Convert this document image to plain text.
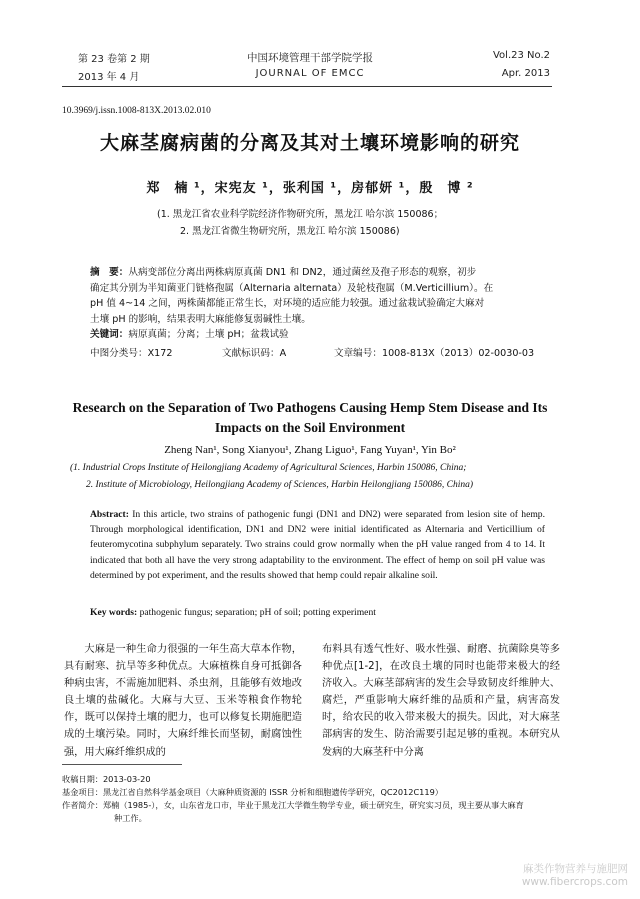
第 23 卷第 2 期
2013 年 4 月
中国环境管理干部学院学报
JOURNAL OF EMCC
Vol.23 No.2
Apr. 2013
10.3969/j.issn.1008-813X.2013.02.010
大麻茎腐病菌的分离及其对土壤环境影响的研究
郑　楠 ¹，宋宪友 ¹，张利国 ¹，房郁妍 ¹，殷　博 ²
(1. 黑龙江省农业科学院经济作物研究所，黑龙江 哈尔滨 150086；
2. 黑龙江省微生物研究所，黑龙江 哈尔滨 150086)
摘　要：从病变部位分离出两株病原真菌 DN1 和 DN2，通过菌丝及孢子形态的观察，初步
确定其分别为半知菌亚门链格孢属（Alternaria alternata）及轮枝孢属（M.Verticillium）。在
pH 值 4~14 之间，两株菌都能正常生长，对环境的适应能力较强。通过盆栽试验确定大麻对
土壤 pH 的影响，结果表明大麻能修复弱碱性土壤。
关键词：病原真菌；分离；土壤 pH；盆栽试验
中图分类号：X172	文献标识码：A	文章编号：1008-813X（2013）02-0030-03
Research on the Separation of Two Pathogens Causing Hemp Stem Disease and Its Impacts on the Soil Environment
Zheng Nan¹, Song Xianyou¹, Zhang Liguo¹, Fang Yuyan¹, Yin Bo²
(1. Industrial Crops Institute of Heilongjiang Academy of Agricultural Sciences, Harbin 150086, China;
2. Institute of Microbiology, Heilongjiang Academy of Sciences, Harbin Heilongjiang 150086, China)
Abstract: In this article, two strains of pathogenic fungi (DN1 and DN2) were separated from lesion site of hemp. Through morphological identification, DN1 and DN2 were initial identificated as Alternaria and Verticillium of feuteromycotina subphylum separately. Two strains could grow normally when the pH value ranged from 4 to 14. It indicated that both all have the very strong adaptability to the environment. The effect of hemp on soil pH value was determined by pot experiment, and the results showed that hemp could repair alkaline soil.
Key words: pathogenic fungus; separation; pH of soil; potting experiment
大麻是一种生命力很强的一年生高大草本作物，具有耐寒、抗旱等多种优点。大麻植株自身可抵御各种病虫害，不需施加肥料、杀虫剂，且能够有效地改良土壤的盐碱化。大麻与大豆、玉米等粮食作物轮作，既可以保持土壤的肥力，也可以修复长期施肥造成的土壤污染。同时，大麻纤维长而坚韧，耐腐蚀性强，用大麻纤维织成的
布料具有透气性好、吸水性强、耐磨、抗菌除臭等多种优点[1-2]，在改良土壤的同时也能带来极大的经济收入。大麻茎部病害的发生会导致韧皮纤维肿大、腐烂，严重影响大麻纤维的品质和产量，病害高发时，给农民的收入带来极大的损失。因此，对大麻茎部病害的发生、防治需要引起足够的重视。本研究从发病的大麻茎秆中分离
收稿日期：2013-03-20
基金项目：黑龙江省自然科学基金项目（大麻种质资源的 ISSR 分析和细胞遗传学研究，QC2012C119）
作者简介：郑楠（1985-），女，山东省龙口市，毕业于黑龙江大学微生物学专业，硕士研究生，研究实习员，现主要从事大麻育
种工作。
麻类作物营养与施肥网
www.fibercrops.com
